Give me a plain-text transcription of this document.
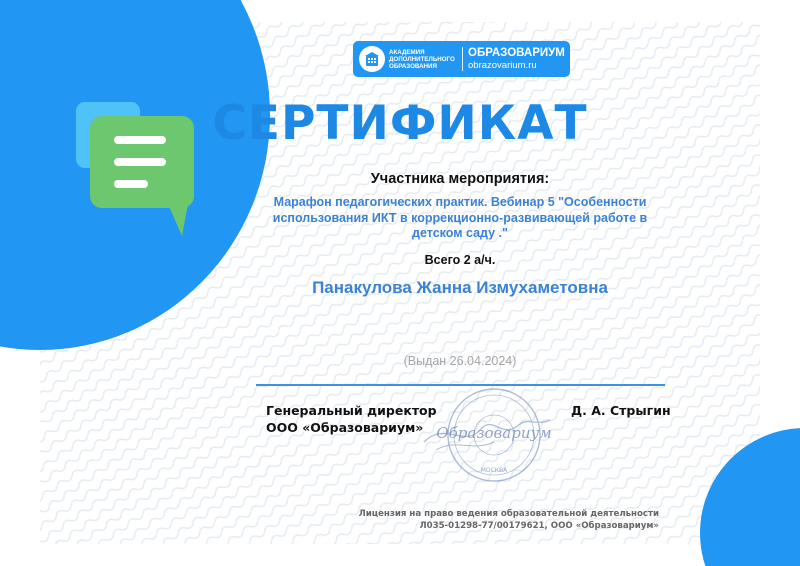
АКАДЕМИЯ
ДОПОЛНИТЕЛЬНОГО
ОБРАЗОВАНИЯ
ОБРАЗОВАРИУМ
obrazovarium.ru
СЕРТИФИКАТ
Участника мероприятия:
Марафон педагогических практик. Вебинар 5 "Особенности использования ИКТ в коррекционно-развивающей работе в детском саду ."
Всего 2 а/ч.
Панакулова Жанна Измухаметовна
(Выдан 26.04.2024)
Генеральный директор
ООО «Образовариум» Образовариум
МОСКВА
Д. А. Стрыгин
Лицензия на право ведения образовательной деятельности
Л035-01298-77/00179621, ООО «Образовариум»
